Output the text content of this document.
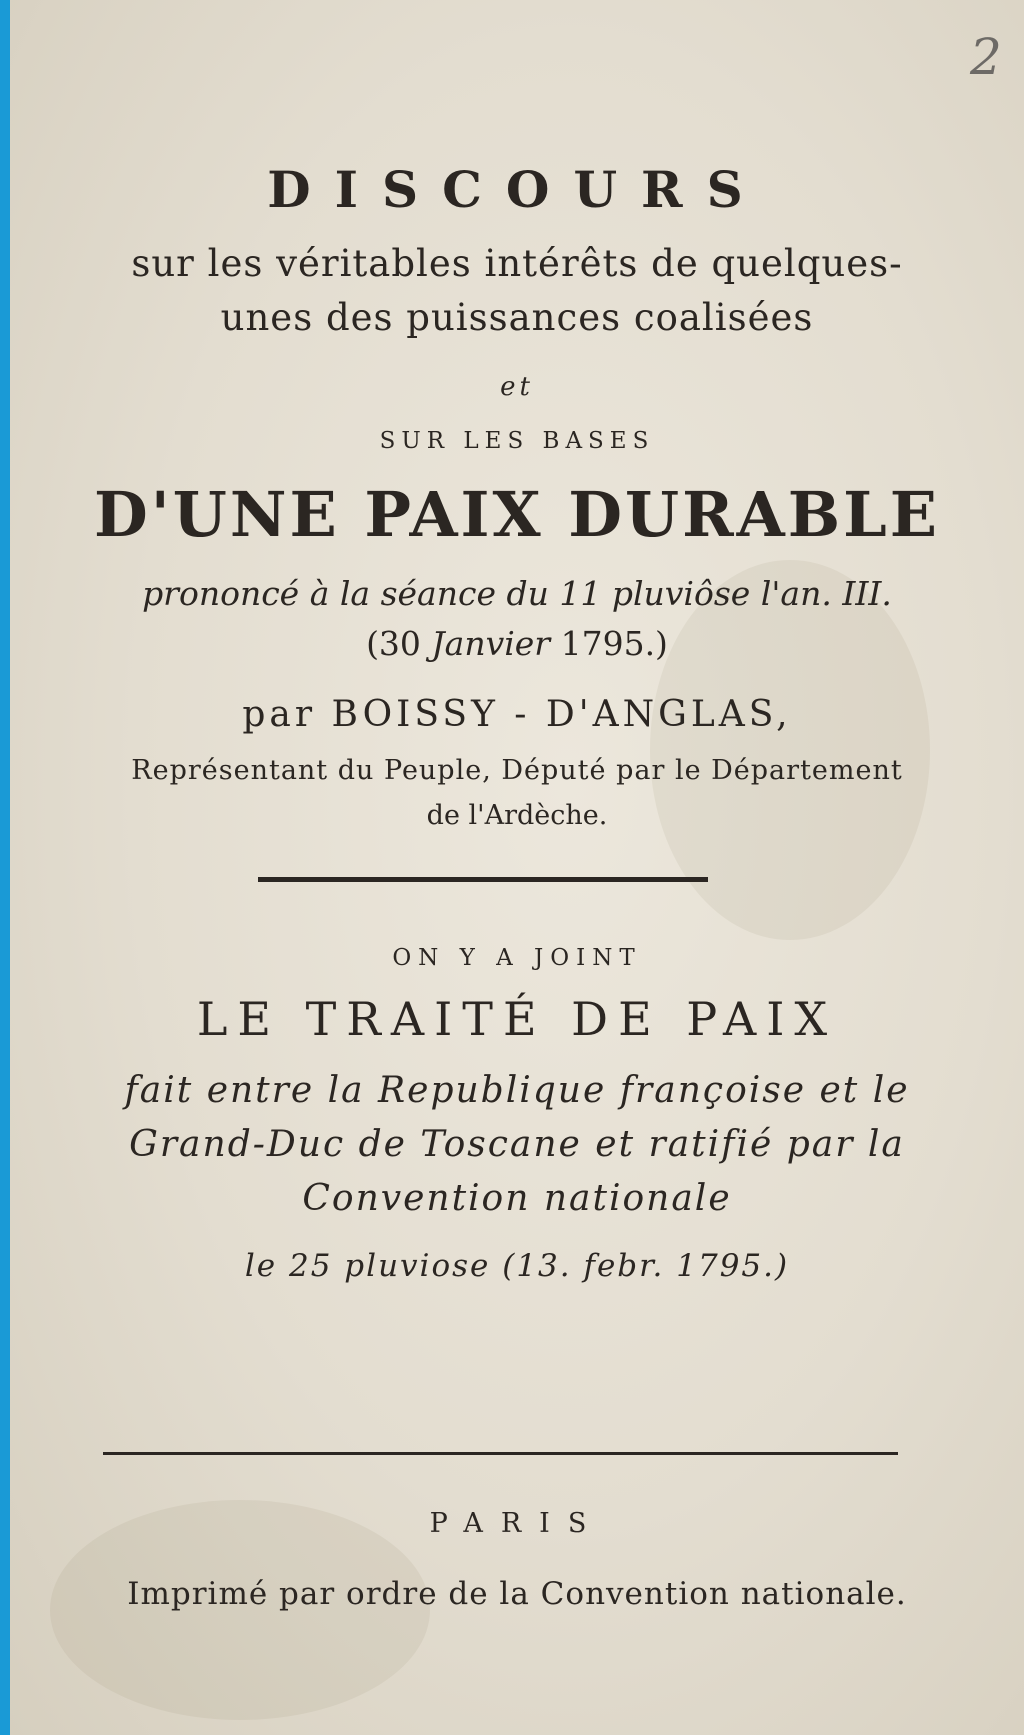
2
DISCOURS
sur les véritables intérêts de quelques-
unes des puissances coalisées
et
SUR LES BASES
D'UNE PAIX DURABLE
prononcé à la séance du 11 pluviôse l'an. III.
(30 Janvier 1795.)
par BOISSY - D'ANGLAS,
Représentant du Peuple, Député par le Département
de l'Ardèche.
ON Y A JOINT
LE TRAITÉ DE PAIX
fait entre la Republique françoise et le
Grand-Duc de Toscane et ratifié par la
Convention nationale
le 25 pluviose (13. febr. 1795.)
PARIS
Imprimé par ordre de la Convention nationale.
